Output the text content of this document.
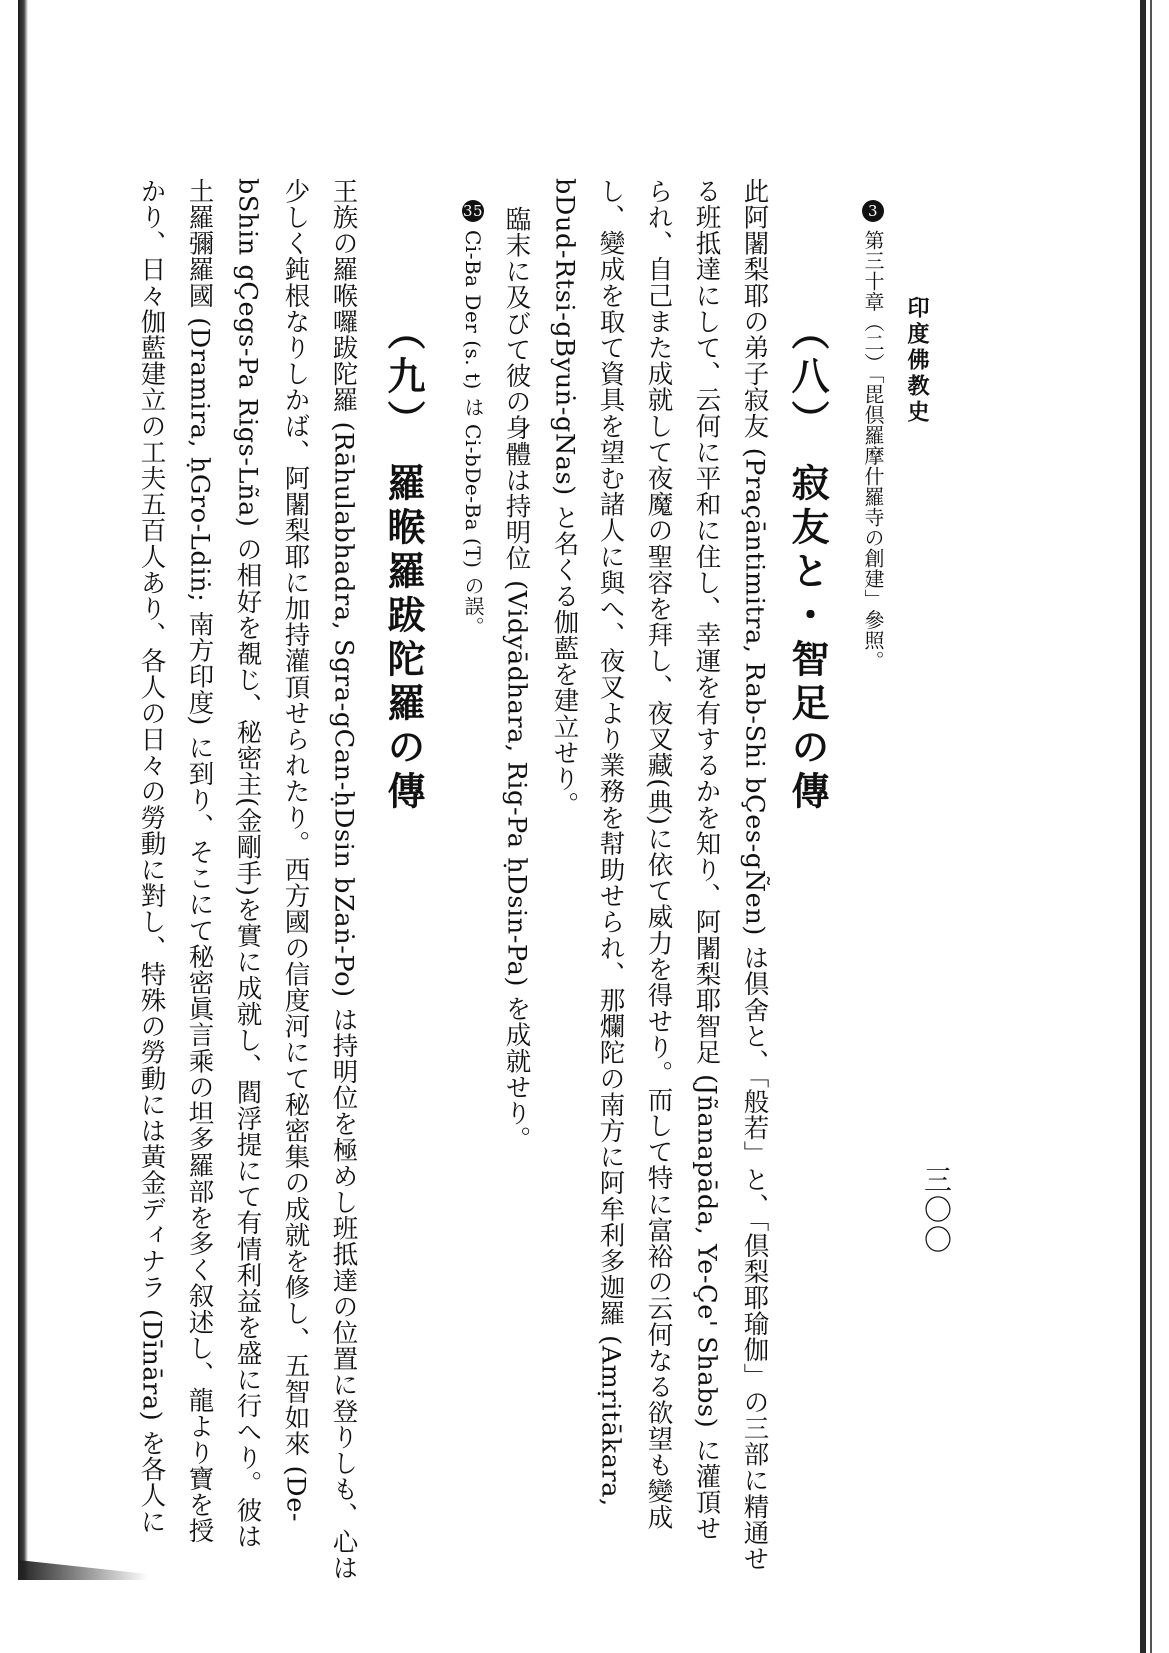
印度佛教史
三〇〇
3第三十章（二）「毘倶羅摩什羅寺の創建」參照。
（八） 寂友と・智足の傳
此阿闍梨耶の弟子寂友 (Praçāntimitra, Rab-Shi bÇes-gÑen) は倶舍と、「般若」と、「倶梨耶瑜伽」の三部に精通せ
る班抵達にして、云何に平和に住し、幸運を有するかを知り、阿闍梨耶智足 (Jñanapāda, Ye-Çe' Shabs) に灌頂せ
られ、自己また成就して夜魔の聖容を拜し、夜叉藏(典)に依て威力を得せり。而して特に富裕の云何なる欲望も變成
し、變成を取て資具を望む諸人に與へ、夜叉より業務を幇助せられ、那爛陀の南方に阿牟利多迦羅 (Amṛitākara,
bDud-Rtsi-gByuṅ-gNas) と名くる伽藍を建立せり。
臨末に及びて彼の身體は持明位 (Vidyādhara, Rig-Pa ḥDsin-Pa) を成就せり。
35Ci-Ba Der (s. t) は Ci-bDe-Ba (T) の誤。
（九） 羅睺羅跋陀羅の傳
王族の羅喉囉跋陀羅 (Rāhulabhadra, Sgra-gCan-ḥDsin bZaṅ-Po) は持明位を極めし班抵達の位置に登りしも、心は
少しく鈍根なりしかば、阿闍梨耶に加持灌頂せられたり。西方國の信度河にて秘密集の成就を修し、五智如來 (De-
bShin gÇegs-Pa Rigs-Lña) の相好を覩じ、秘密主(金剛手)を實に成就し、閻浮提にて有情利益を盛に行へり。彼は
土羅彌羅國 (Dramira, ḥGro-Ldiṅ; 南方印度) に到り、そこにて秘密眞言乘の坦多羅部を多く叙述し、龍より寶を授
かり、日々伽藍建立の工夫五百人あり、各人の日々の勞動に對し、特殊の勞動には黃金ディナラ (Dīnāra) を各人に
